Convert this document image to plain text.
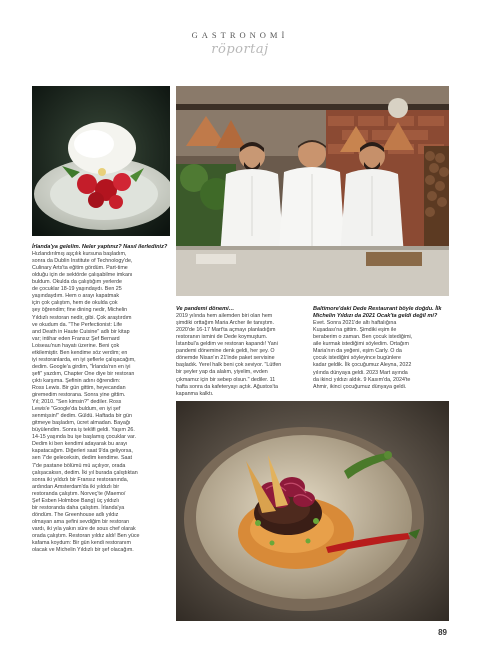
GASTRONOMİ
röportaj
İrlanda'ya gelelim. Neler yaptınız? Nasıl ilerlediniz?

Hızlandırılmış aşçılık kursuna başladım,
sonra da Dublin Institute of Technology'de,
Culinary Arts'ta eğitim gördüm. Part-time
olduğu için de sektörde çalışabilme imkanı
buldum. Okulda da çalıştığım yerlerde
de çocuklar 18-19 yaşındaydı. Ben 25
yaşındaydım. Hem o arayı kapatmak
için çok çalıştım, hem de okulda çok
şey öğrendim; fine dining nedir, Michelin
Yıldızlı restoran nedir, gibi. Çok araştırdım
ve okudum da. "The Perfectionist: Life
and Death in Haute Cuisine" adlı bir kitap
var; intihar eden Fransız Şef Bernard
Loiseau'nun hayatı üzerine. Beni çok
etkilemiştir. Ben kendime söz verdim; en
iyi restoranlarda, en iyi şeflerle çalışacağım,
dedim. Google'a girdim, "İrlanda'nın en iyi
şefi" yazdım, Chapter One diye bir restoran
çıktı karşıma. Şefinin adını öğrendim:
Ross Lewis. Bir gün gittim, heyecandan
giremedim restorana. Sonra yine gittim.
Yıl; 2010. "Sen kimsin?" dediler. Ross
Lewis'e "Google'da buldum, en iyi şef
senmişsin!" dedim. Güldü. Haftada bir gün
gitmeye başladım, ücret almadan. Bayağı
büyülendim. Sonra iş teklifi geldi. Yaşım 26.
14-15 yaşında bu işe başlamış çocuklar var.
Dedim ki ben kendimi adayarak bu arayı
kapatacağım. Diğerleri saat 9'da geliyorsa,
sen 7'de geleceksin, dedim kendime. Saat
7'de pastane bölümü mü açılıyor, orada
çalışacaksın, dedim. İki yıl burada çalıştıktan
sonra iki yıldızlı bir Fransız restoranında,
ardından Amsterdam'da iki yıldızlı bir
restoranda çalıştım. Norveç'te (Maemo/
Şef Esben Holmboe Bang) üç yıldızlı
bir restoranda daha çalıştım. İrlanda'ya
döndüm. The Greenhouse adlı yıldız
olmayan ama şefini sevdiğim bir restoran
vardı, iki yıla yakın süre de sous chef olarak
orada çalıştım. Restoran yıldız aldı! Ben yüce
kafama koydum: Bir gün kendi restoranım
olacak ve Michelin Yıldızlı bir şef olacağım.

Ve pandemi dönemi…

2019 yılında hem ailemden biri olan hem
şimdiki orttağım Maria Archer ile tanıştım.
2020'de 16-17 Mart'ta açmayı planladığım
restoranın ismini de Dede koymuştum.
İstanbul'a geldim ve restoran kapandı! Yani
pandemi dönemine denk geldi, her şey. O
dönemde Nisan'ın 21'inde paket servisine
başladık. Yerel halk beni çok seviyor. "Lütfen
bir şeyler yap da alalım, yiyelim, evden
çıkmamız için bir sebep olsun." dediler. 11
hafta sonra da kafeteryayı açtık. Ağustos'ta
kapanma kalktı.

Baltimore'daki Dede Restaurant böyle doğdu. İlk Michelin Yıldızı da 2021 Ocak'ta geldi değil mi?

Evet. Sonra 2021'de altı haftalığına
Kuşadası'na gittim. Şimdiki eşim ile
beraberim o zaman. Ben çocuk istediğimi,
aile kurmak istediğimi söyledim. Ortağım
Maria'nın da yeğeni, eşim Carly. O da
çocuk istediğini söyleyince bugünlere
kadar geldik. İlk çocuğumuz Aleyna, 2022
yılında dünyaya geldi. 2023 Mart ayında
da ikinci yıldızı aldık. 9 Kasım'da, 2024'te
Ahmir, ikinci çocuğumuz dünyaya geldi.

89
